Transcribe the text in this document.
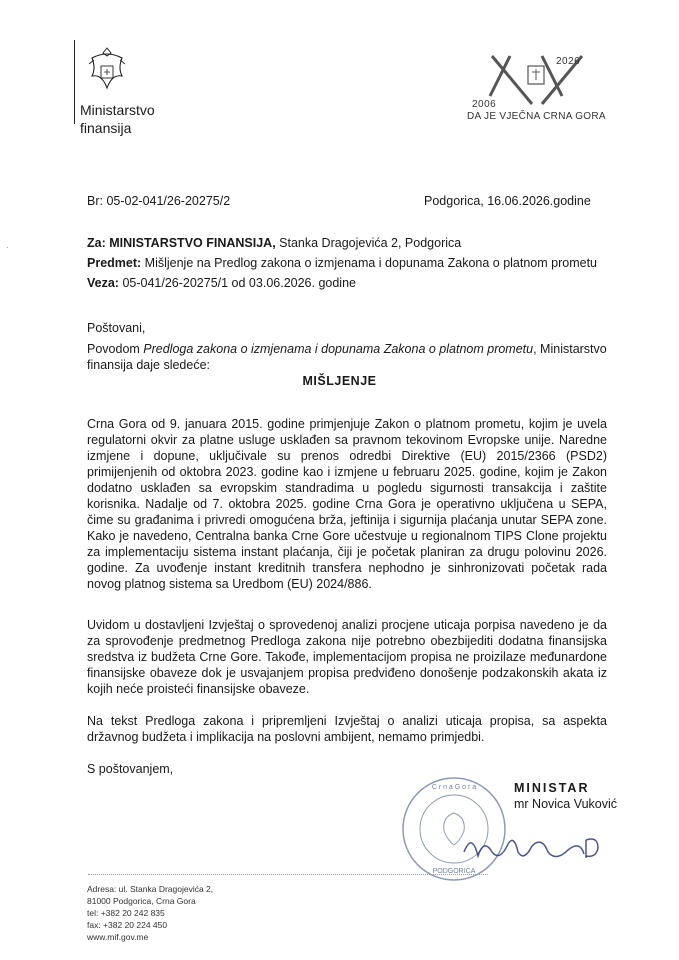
·
Ministarstvo
finansija
2026
2006
DA JE VJEČNA CRNA GORA
Br: 05-02-041/26-20275/2	Podgorica, 16.06.2026.godine
Za: MINISTARSTVO FINANSIJA, Stanka Dragojevića 2, Podgorica
Predmet: Mišljenje na Predlog zakona o izmjenama i dopunama Zakona o platnom prometu
Veza: 05-041/26-20275/1 od 03.06.2026. godine
Poštovani,
Povodom Predloga zakona o izmjenama i dopunama Zakona o platnom prometu, Ministarstvo finansija daje sledeće:
MIŠLJENJE
Crna Gora od 9. januara 2015. godine primjenjuje Zakon o platnom prometu, kojim je uvela regulatorni okvir za platne usluge usklađen sa pravnom tekovinom Evropske unije. Naredne izmjene i dopune, uključivale su prenos odredbi Direktive (EU) 2015/2366 (PSD2) primijenjenih od oktobra 2023. godine kao i izmjene u februaru 2025. godine, kojim je Zakon dodatno usklađen sa evropskim standradima u pogledu sigurnosti transakcija i zaštite korisnika. Nadalje od 7. oktobra 2025. godine Crna Gora je operativno uključena u SEPA, čime su građanima i privredi omogućena brža, jeftinija i sigurnija plaćanja unutar SEPA zone. Kako je navedeno, Centralna banka Crne Gore učestvuje u regionalnom TIPS Clone projektu za implementaciju sistema instant plaćanja, čiji je početak planiran za drugu polovinu 2026. godine. Za uvođenje instant kreditnih transfera nephodno je sinhronizovati početak rada novog platnog sistema sa Uredbom (EU) 2024/886.
Uvidom u dostavljeni Izvještaj o sprovedenoj analizi procjene uticaja porpisa navedeno je da za sprovođenje predmetnog Predloga zakona nije potrebno obezbijediti dodatna finansijska sredstva iz budžeta Crne Gore. Takođe, implementacijom propisa ne proizilaze međunardone finansijske obaveze dok je usvajanjem propisa predviđeno donošenje podzakonskih akata iz kojih neće proisteći finansijske obaveze.
Na tekst Predloga zakona i pripremljeni Izvještaj o analizi uticaja propisa, sa aspekta državnog budžeta i implikacija na poslovni ambijent, nemamo primjedbi.
S poštovanjem,
C r n a G o r a
PODGORICA
MINISTAR
mr Novica Vuković
Adresa: ul. Stanka Dragojevića 2,
81000 Podgorica, Crna Gora
tel: +382 20 242 835
fax: +382 20 224 450
www.mif.gov.me
